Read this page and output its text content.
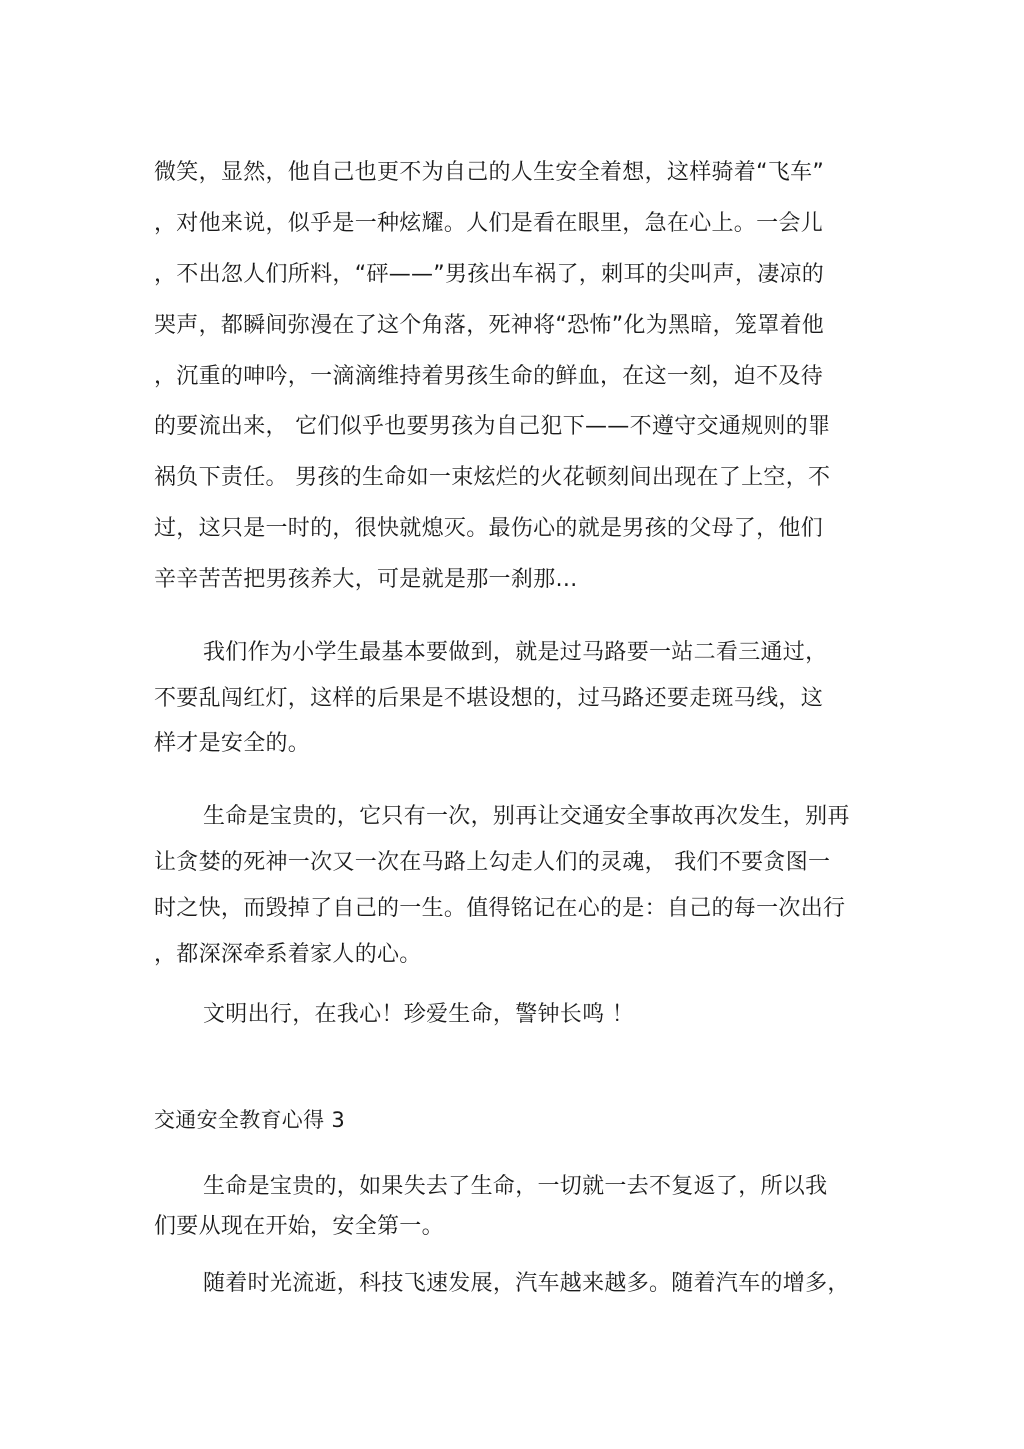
微笑，显然，他自己也更不为自己的人生安全着想，这样骑着“飞车”
，对他来说，似乎是一种炫耀。人们是看在眼里，急在心上。一会儿
，不出忽人们所料，“砰——”男孩出车祸了，刺耳的尖叫声，凄凉的
哭声，都瞬间弥漫在了这个角落，死神将“恐怖”化为黑暗，笼罩着他
，沉重的呻吟，一滴滴维持着男孩生命的鲜血，在这一刻，迫不及待
的要流出来， 它们似乎也要男孩为自己犯下——不遵守交通规则的罪
祸负下责任。 男孩的生命如一束炫烂的火花顿刻间出现在了上空，不
过，这只是一时的，很快就熄灭。最伤心的就是男孩的父母了，他们
辛辛苦苦把男孩养大，可是就是那一刹那…
我们作为小学生最基本要做到，就是过马路要一站二看三通过，
不要乱闯红灯，这样的后果是不堪设想的，过马路还要走斑马线，这
样才是安全的。
生命是宝贵的，它只有一次，别再让交通安全事故再次发生，别再
让贪婪的死神一次又一次在马路上勾走人们的灵魂， 我们不要贪图一
时之快，而毁掉了自己的一生。值得铭记在心的是：自己的每一次出行
，都深深牵系着家人的心。
文明出行，在我心！珍爱生命，警钟长鸣 ！
交通安全教育心得 3
生命是宝贵的，如果失去了生命，一切就一去不复返了，所以我
们要从现在开始，安全第一。
随着时光流逝，科技飞速发展，汽车越来越多。随着汽车的增多，
